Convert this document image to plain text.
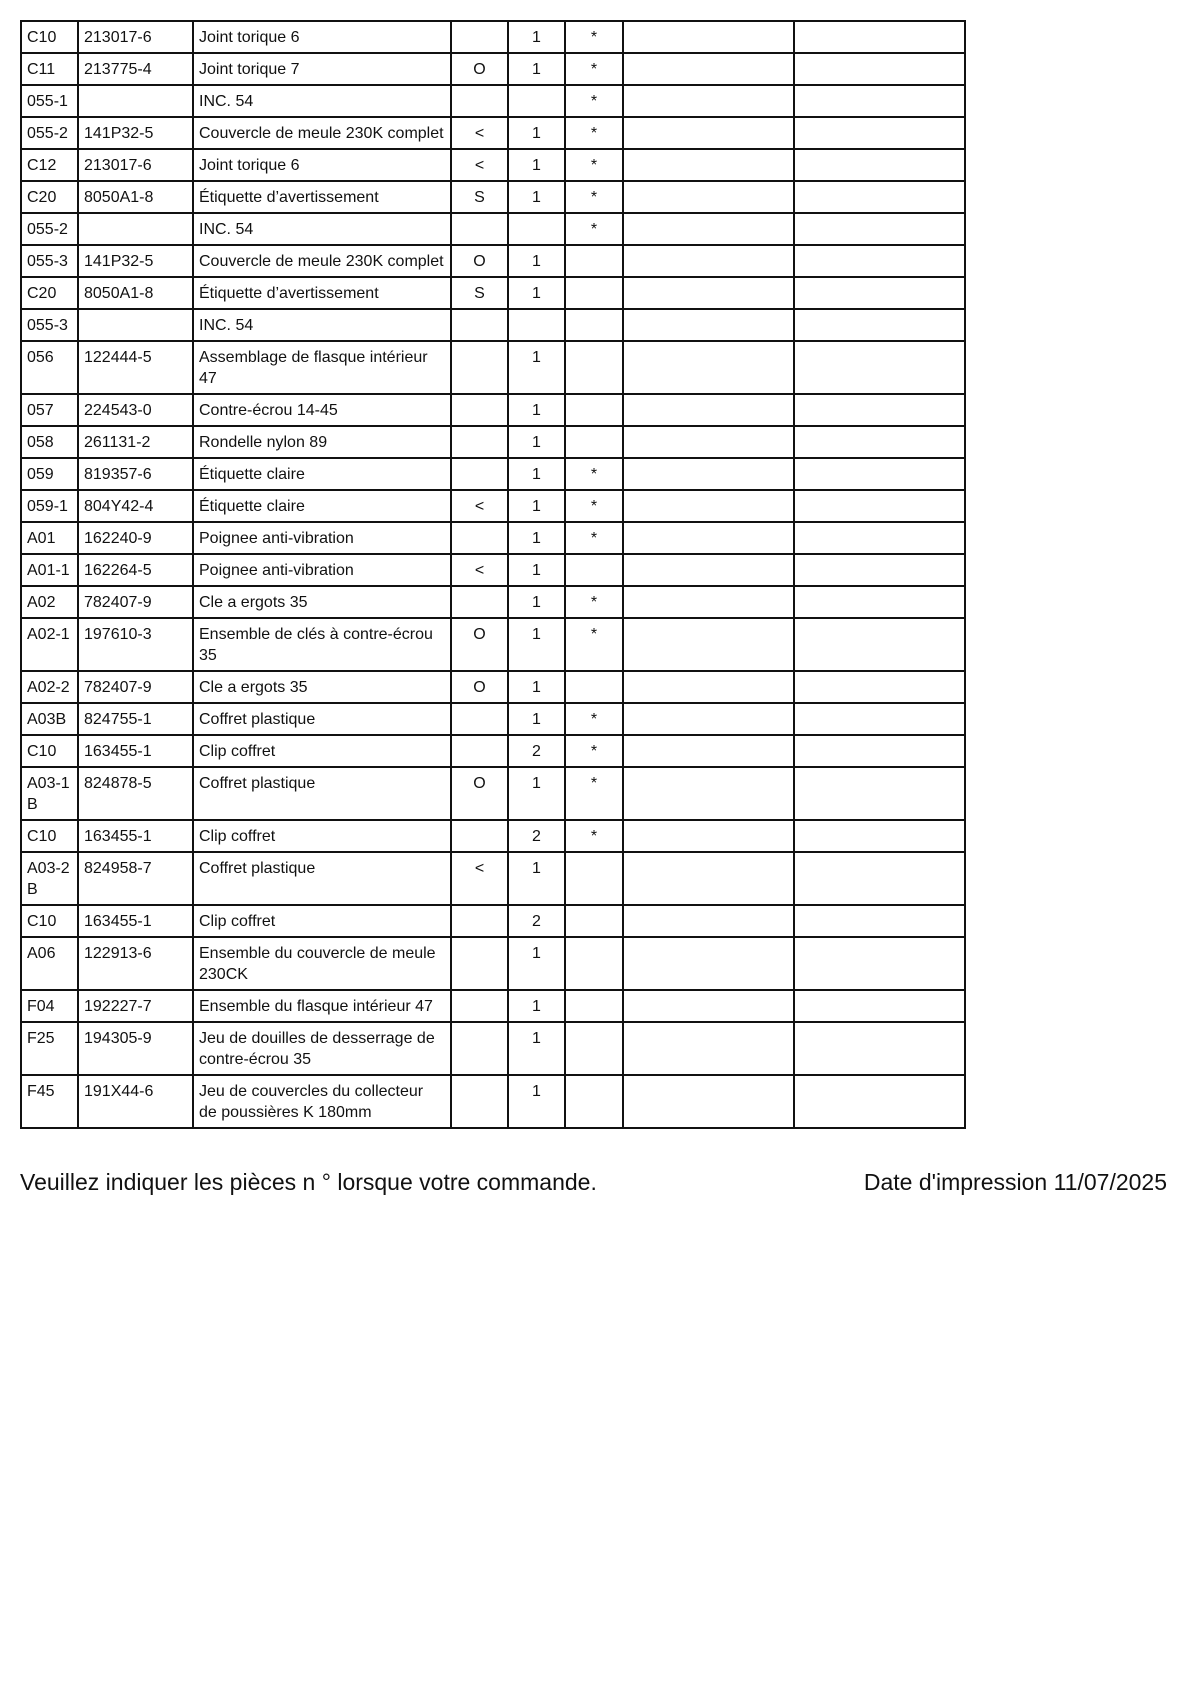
C10	213017-6	Joint torique 6		1	*		
C11	213775-4	Joint torique 7	O	1	*		
055-1		INC. 54			*		
055-2	141P32-5	Couvercle de meule 230K complet	<	1	*		
C12	213017-6	Joint torique 6	<	1	*		
C20	8050A1-8	Étiquette d’avertissement	S	1	*		
055-2		INC. 54			*		
055-3	141P32-5	Couvercle de meule 230K complet	O	1			
C20	8050A1-8	Étiquette d’avertissement	S	1			
055-3		INC. 54					
056	122444-5	Assemblage de flasque intérieur 47		1			
057	224543-0	Contre-écrou 14-45		1			
058	261131-2	Rondelle nylon 89		1			
059	819357-6	Étiquette claire		1	*		
059-1	804Y42-4	Étiquette claire	<	1	*		
A01	162240-9	Poignee anti-vibration		1	*		
A01-1	162264-5	Poignee anti-vibration	<	1			
A02	782407-9	Cle a ergots 35		1	*		
A02-1	197610-3	Ensemble de clés à contre-écrou 35	O	1	*		
A02-2	782407-9	Cle a ergots 35	O	1			
A03B	824755-1	Coffret plastique		1	*		
C10	163455-1	Clip coffret		2	*		
A03-1B	824878-5	Coffret plastique	O	1	*		
C10	163455-1	Clip coffret		2	*		
A03-2B	824958-7	Coffret plastique	<	1			
C10	163455-1	Clip coffret		2			
A06	122913-6	Ensemble du couvercle de meule 230CK		1			
F04	192227-7	Ensemble du flasque intérieur 47		1			
F25	194305-9	Jeu de douilles de desserrage de contre-écrou 35		1			
F45	191X44-6	Jeu de couvercles du collecteur de poussières K 180mm		1			
Veuillez indiquer les pièces n ° lorsque votre commande.	Date d'impression 11/07/2025
